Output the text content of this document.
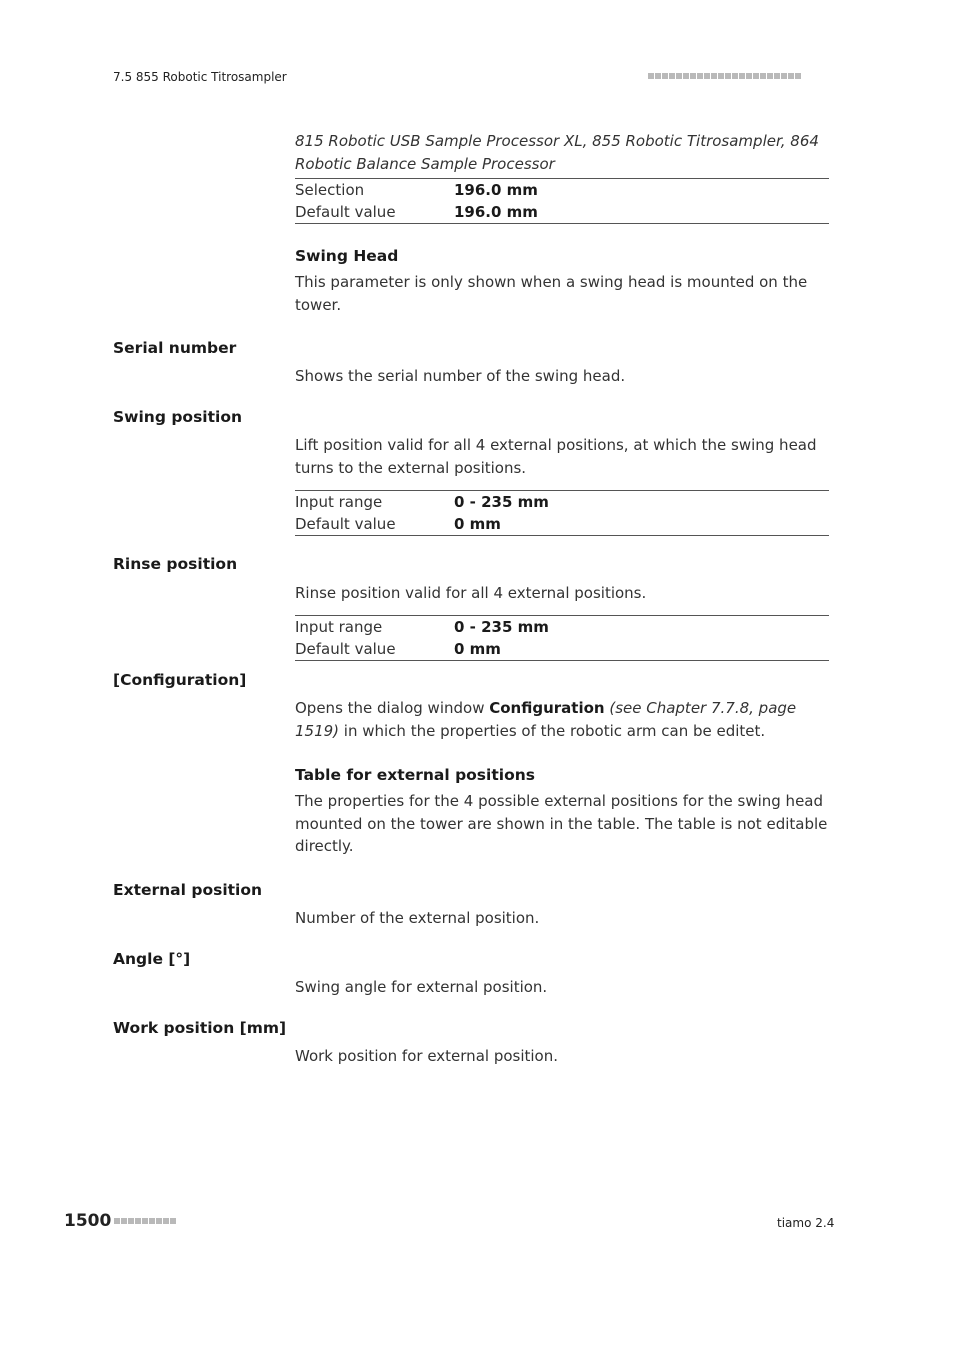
7.5 855 Robotic Titrosampler

815 Robotic USB Sample Processor XL, 855 Robotic Titrosampler, 864 Robotic Balance Sample Processor

Selection	196.0 mm
Default value	196.0 mm

Swing Head

This parameter is only shown when a swing head is mounted on the tower.

Serial number

Shows the serial number of the swing head.

Swing position

Lift position valid for all 4 external positions, at which the swing head turns to the external positions.

Input range	0 - 235 mm
Default value	0 mm
Rinse position

Rinse position valid for all 4 external positions.

Input range	0 - 235 mm
Default value	0 mm
[Configuration]

Opens the dialog window Configuration (see Chapter 7.7.8, page 1519) in which the properties of the robotic arm can be editet.

Table for external positions

The properties for the 4 possible external positions for the swing head mounted on the tower are shown in the table. The table is not editable directly.

External position

Number of the external position.

Angle [°]

Swing angle for external position.

Work position [mm]

Work position for external position.

1500	tiamo 2.4
